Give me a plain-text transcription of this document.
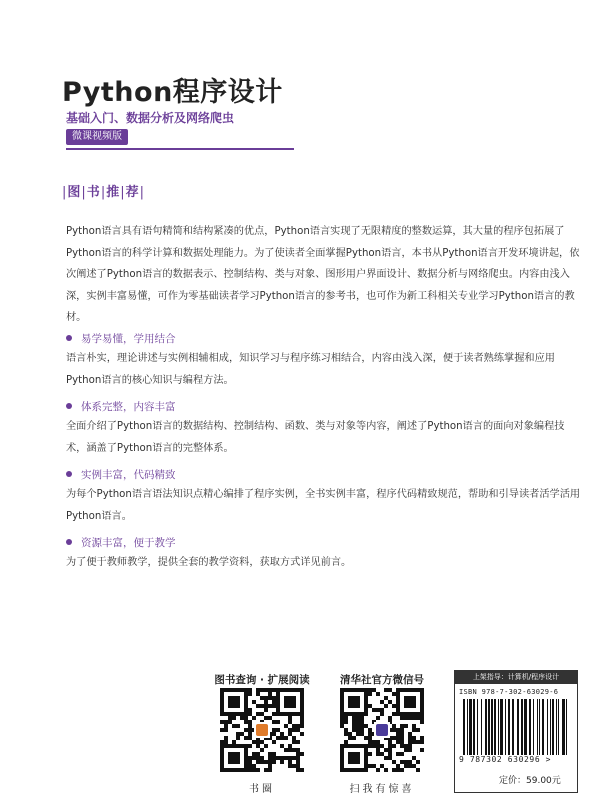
Python程序设计
基础入门、数据分析及网络爬虫
微课视频版
|图|书|推|荐|
Python语言具有语句精简和结构紧凑的优点，Python语言实现了无限精度的整数运算，其大量的程序包拓展了Python语言的科学计算和数据处理能力。为了使读者全面掌握Python语言，本书从Python语言开发环境讲起，依次阐述了Python语言的数据表示、控制结构、类与对象、图形用户界面设计、数据分析与网络爬虫。内容由浅入深，实例丰富易懂，可作为零基础读者学习Python语言的参考书，也可作为新工科相关专业学习Python语言的教材。
易学易懂，学用结合
语言朴实，理论讲述与实例相辅相成，知识学习与程序练习相结合，内容由浅入深，便于读者熟练掌握和应用Python语言的核心知识与编程方法。
体系完整，内容丰富
全面介绍了Python语言的数据结构、控制结构、函数、类与对象等内容，阐述了Python语言的面向对象编程技术，涵盖了Python语言的完整体系。
实例丰富，代码精致
为每个Python语言语法知识点精心编排了程序实例，全书实例丰富，程序代码精致规范，帮助和引导读者活学活用Python语言。
资源丰富，便于教学
为了便于教师教学，提供全套的教学资料，获取方式详见前言。
图书查询 · 扩展阅读
书圈
清华社官方微信号
扫我有惊喜
上架指导：计算机/程序设计
ISBN 978-7-302-63029-6
9 787302 630296 >
定价：59.00元
